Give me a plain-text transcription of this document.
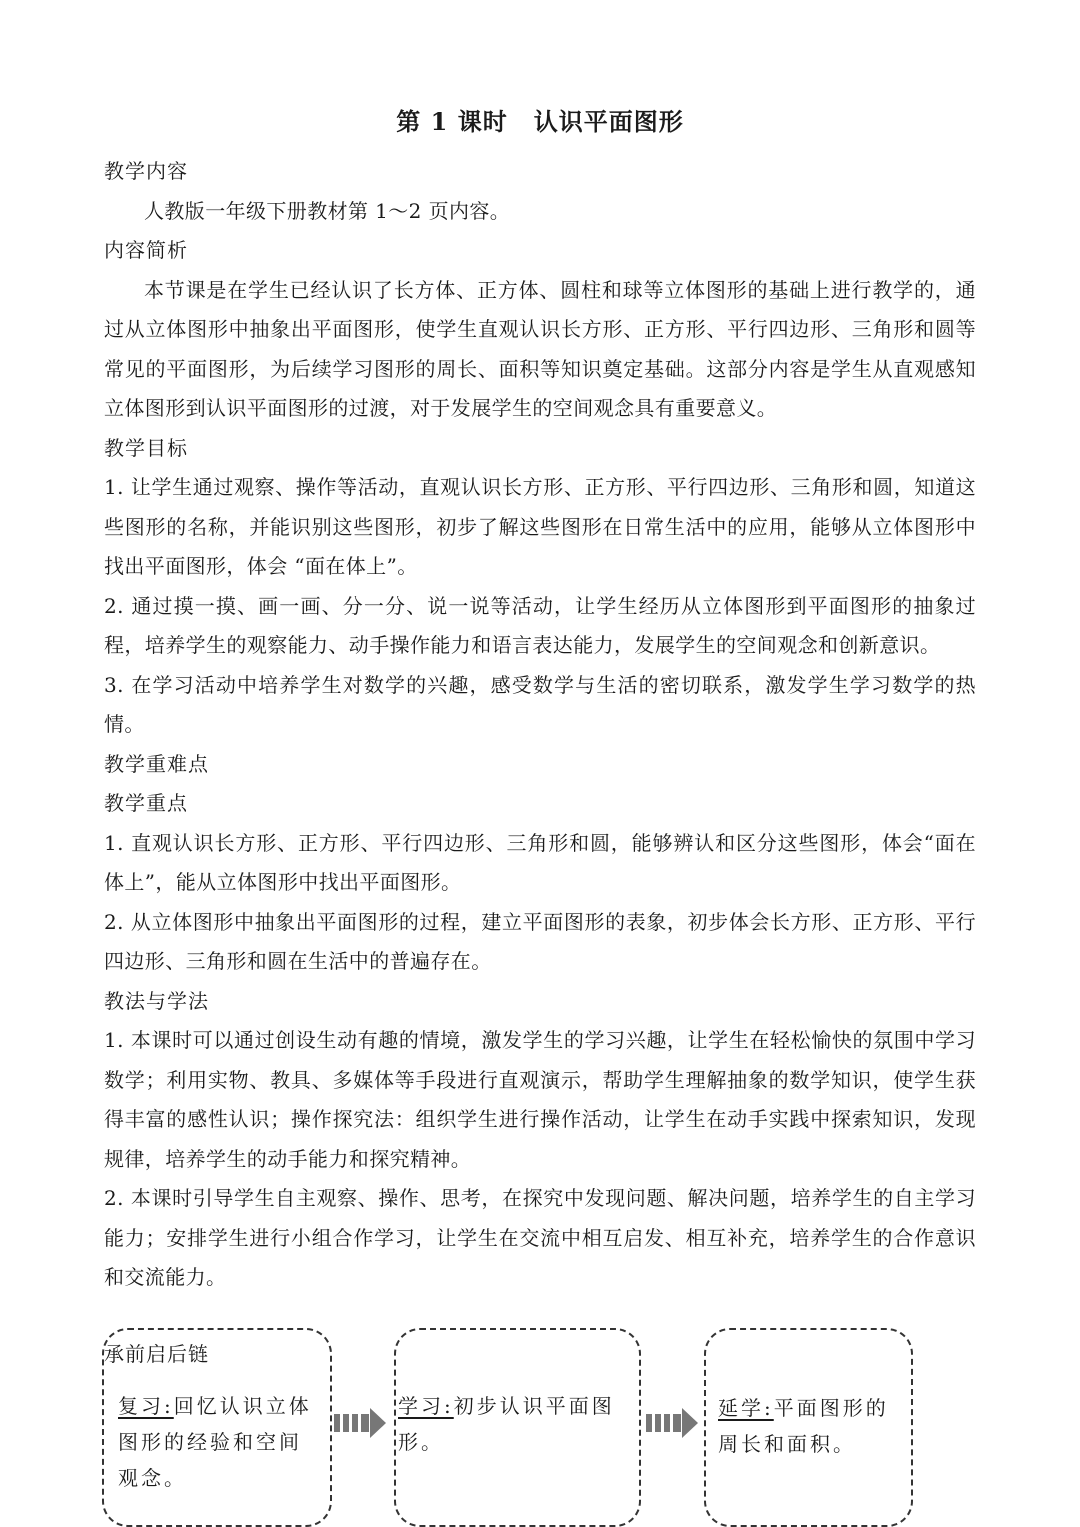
第 1 课时 认识平面图形
教学内容
人教版一年级下册教材第 1～2 页内容。
内容简析
本节课是在学生已经认识了长方体、正方体、圆柱和球等立体图形的基础上进行教学的，通过从立体图形中抽象出平面图形，使学生直观认识长方形、正方形、平行四边形、三角形和圆等常见的平面图形，为后续学习图形的周长、面积等知识奠定基础。这部分内容是学生从直观感知立体图形到认识平面图形的过渡，对于发展学生的空间观念具有重要意义。
教学目标
1. 让学生通过观察、操作等活动，直观认识长方形、正方形、平行四边形、三角形和圆，知道这些图形的名称，并能识别这些图形，初步了解这些图形在日常生活中的应用，能够从立体图形中找出平面图形，体会 “面在体上”。
2. 通过摸一摸、画一画、分一分、说一说等活动，让学生经历从立体图形到平面图形的抽象过程，培养学生的观察能力、动手操作能力和语言表达能力，发展学生的空间观念和创新意识。
3. 在学习活动中培养学生对数学的兴趣，感受数学与生活的密切联系，激发学生学习数学的热情。
教学重难点
教学重点
1. 直观认识长方形、正方形、平行四边形、三角形和圆，能够辨认和区分这些图形，体会“面在体上”，能从立体图形中找出平面图形。
2. 从立体图形中抽象出平面图形的过程，建立平面图形的表象，初步体会长方形、正方形、平行四边形、三角形和圆在生活中的普遍存在。
教法与学法
1. 本课时可以通过创设生动有趣的情境，激发学生的学习兴趣，让学生在轻松愉快的氛围中学习数学；利用实物、教具、多媒体等手段进行直观演示，帮助学生理解抽象的数学知识，使学生获得丰富的感性认识；操作探究法：组织学生进行操作活动，让学生在动手实践中探索知识，发现规律，培养学生的动手能力和探究精神。
2. 本课时引导学生自主观察、操作、思考，在探究中发现问题、解决问题，培养学生的自主学习能力；安排学生进行小组合作学习，让学生在交流中相互启发、相互补充，培养学生的合作意识和交流能力。
承前启后链
复习:回忆认识立体图形的经验和空间观念。
学习:初步认识平面图形。
延学:平面图形的周长和面积。
